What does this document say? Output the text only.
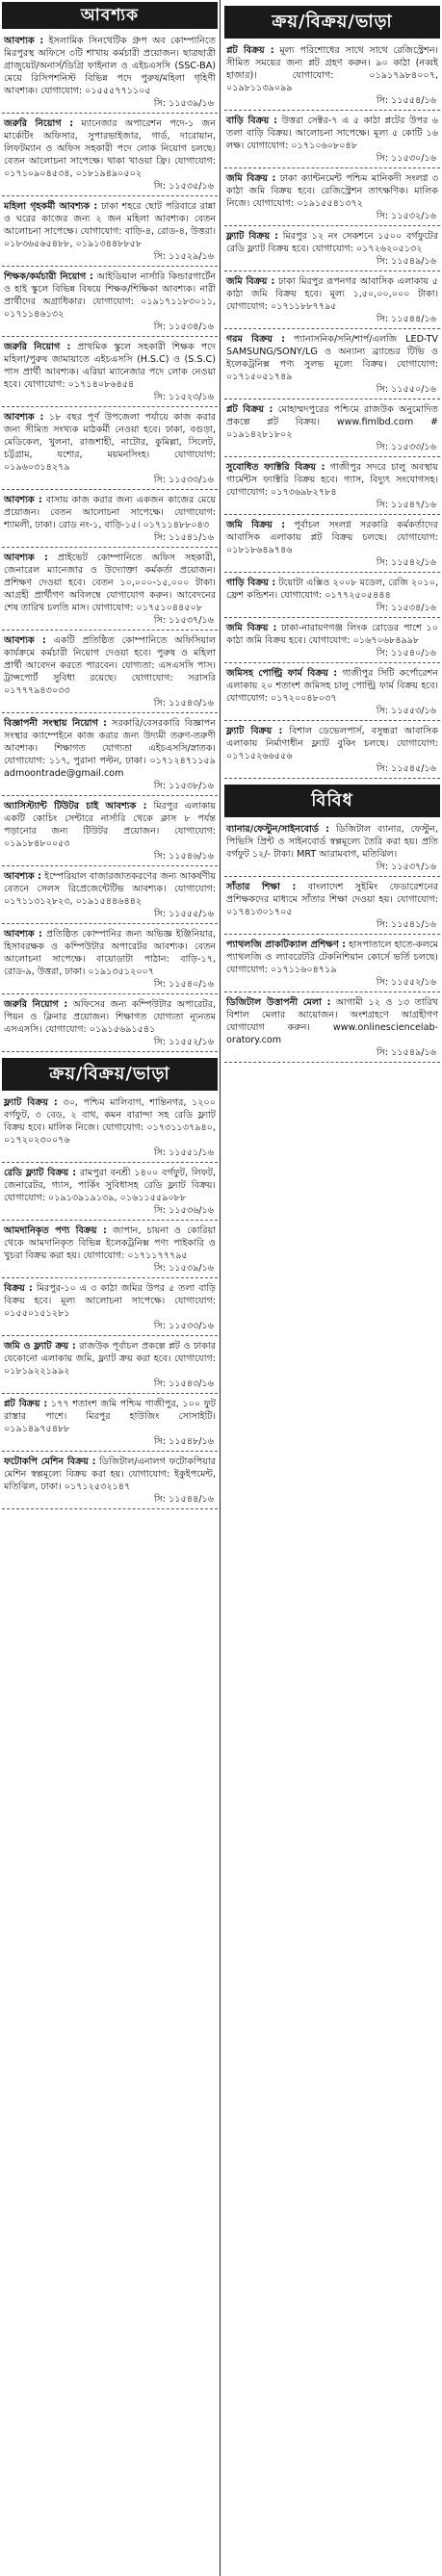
আবশ্যক
আবশ্যক : ইসলামিক সিনথেটিক গ্রুপ অব কোম্পানিতে মিরপুরস্থ অফিসে ৩টি শাখায় কর্মচারী প্রয়োজন। ছাত্রছাত্রী গ্রাজুয়েট/অনার্স/ডিগ্রি ফাইনাল ও এইচএসসি (SSC-BA) মেয়ে রিসিপশনিস্ট বিভিন্ন পদে পুরুষ/মহিলা গৃহিণী আবশ্যক। যোগাযোগ: ০১৫৫৫৭৭১১০৫
সি: ১১৫৩৯/১৬
জরুরি নিয়োগ : ম্যানেজার অপারেশন পদে-১ জন মার্কেটিং অফিসার, সুপারভাইজার, গার্ড, দারোয়ান, লিফটম্যান ও অফিস সহকারী পদে লোক নিয়োগ চলছে। বেতন আলোচনা সাপেক্ষে। থাকা খাওয়া ফ্রি। যোগাযোগ: ০১৭১০৯০৪৫৩৪, ০১৮১৯৪৯০৫০২
সি: ১১৫৩৫/১৬
মহিলা গৃহকর্মী আবশ্যক : ঢাকা শহরে ছোট পরিবারে রান্না ও ঘরের কাজের জন্য ২ জন মহিলা আবশ্যক। বেতন আলোচনা সাপেক্ষে। যোগাযোগ: বাড়ি-৪, রোড-৪, উত্তরা। ০১৮৩৬৫৬৫৪৮৮, ০১৯১৩৪৪৮৮৫৮
সি: ১১৫২৯/১৬
শিক্ষক/কর্মচারী নিয়োগ : আইডিয়াল নার্সারি কিন্ডারগার্টেন ও হাই স্কুলে বিভিন্ন বিষয়ে শিক্ষক/শিক্ষিকা আবশ্যক। নারী প্রার্থীদের অগ্রাধিকার। যোগাযোগ: ০১৯১৭১১৮৩০১১, ০১৭১১৪৬১৩২
সি: ১১৫৩৪/১৬
জরুরি নিয়োগ : প্রাথমিক স্কুলে সহকারী শিক্ষক পদে মহিলা/পুরুষ জামায়াতে এইচএসসি (H.S.C) ও (S.S.C) পাস প্রার্থী আবশ্যক। এরিয়া ম্যানেজার পদে লোক নেওয়া হবে। যোগাযোগ: ০১৭১৪০৮৬৪৫৪
সি: ১১৫২৩/১৬
আবশ্যক : ১৮ বছর পূর্ণ উপজেলা পর্যায়ে কাজ করার জন্য সীমিত সংখ্যক মাঠকর্মী নেওয়া হবে। ঢাকা, বগুড়া, মেডিকেল, খুলনা, রাজশাহী, নাটোর, কুমিল্লা, সিলেট, চট্টগ্রাম, যশোর, ময়মনসিংহ। যোগাযোগ: ০১৯৬০৩১৪২৭৯
সি: ১১৫৩৩/১৬
আবশ্যক : বাসায় কাজ করার জন্য একজন কাজের মেয়ে প্রয়োজন। বেতন আলোচনা সাপেক্ষে। যোগাযোগ: শ্যামলী, ঢাকা। রোড নং-১, বাড়ি-১৫। ০১৭১১৪৮৮০৪৩
সি: ১১৫৪১/১৬
আবশ্যক : প্রাইভেট কোম্পানিতে অফিস সহকারী, জেনারেল ম্যানেজার ও উদ্যোক্তা কর্মকর্তা প্রয়োজন। প্রশিক্ষণ দেওয়া হবে। বেতন ১০,০০০-১৫,০০০ টাকা। আগ্রহী প্রার্থীগণ অবিলম্বে যোগাযোগ করুন। আবেদনের শেষ তারিখ চলতি মাস। যোগাযোগ: ০১৭৫১০৪৪৫০৮
সি: ১১৫৩৭/১৬
আবশ্যক : একটি প্রতিষ্ঠিত কোম্পানিতে অফিসিয়াল কার্যক্রমে কর্মচারী নিয়োগ দেওয়া হবে। পুরুষ ও মহিলা প্রার্থী আবেদন করতে পারবেন। যোগ্যতা: এসএসসি পাস। ট্রান্সপোর্ট সুবিধা রয়েছে। যোগাযোগ: সরাসরি ০১৭৭৭৯৪৩০৩৩
সি: ১১৫৪৩/১৬
বিজ্ঞাপনী সংস্থায় নিয়োগ : সরকারি/বেসরকারি বিজ্ঞাপন সংস্থার ক্যাম্পেইনে কাজ করার জন্য উদ্যমী তরুণ-তরুণী আবশ্যক। শিক্ষাগত যোগ্যতা এইচএসসি/স্নাতক। যোগাযোগ: ১১৭, পুরানা পল্টন, ঢাকা। ০১৭১২৪৭১১৫৯ admoontrade@gmail.com
সি: ১১৫৩৮/১৬
অ্যাসিস্ট্যান্ট টিউটর চাই আবশ্যক : মিরপুর এলাকায় একটি কোচিং সেন্টারে নার্সারি থেকে ক্লাস ৮ পর্যন্ত পড়ানোর জন্য টিউটর প্রয়োজন। যোগাযোগ: ০১৯১৮৪৮০০৫৩
সি: ১১৫৪৬/১৬
আবশ্যক : ইম্পেরিয়াল বাজারজাতকরণের জন্য আকর্ষণীয় বেতনে সেলস রিপ্রেজেন্টেটিভ আবশ্যক। যোগাযোগ: ০১৭১১৩১২৮২৩, ০১৯১৫৪৪৬৪৪২
সি: ১১৫৫৫/১৬
আবশ্যক : প্রতিষ্ঠিত কোম্পানির জন্য অভিজ্ঞ ইঞ্জিনিয়ার, হিসাবরক্ষক ও কম্পিউটার অপারেটর আবশ্যক। বেতন আলোচনা সাপেক্ষে। বায়োডাটা পাঠান: বাড়ি-১৭, রোড-৯, উত্তরা, ঢাকা। ০১৯১৩৫১২০০৭
সি: ১১৫৪০/১৬
জরুরি নিয়োগ : অফিসের জন্য কম্পিউটার অপারেটর, পিয়ন ও ক্লিনার প্রয়োজন। শিক্ষাগত যোগ্যতা ন্যূনতম এসএসসি। যোগাযোগ: ০১৯১৫৬৯১৫৪১
সি: ১১৫৫২/১৬
ক্রয়/বিক্রয়/ভাড়া
ফ্ল্যাট বিক্রয় : ৩০, পশ্চিম মালিবাগ, শান্তিনগর, ১২০০ বর্গফুট, ৩ বেড, ২ বাথ, কমন বারান্দা সহ রেডি ফ্ল্যাট বিক্রয় হবে। মালিক নিজে। যোগাযোগ: ০১৭৩১১৩৭৯৪০, ০১৭২০২৩০০৭৬
সি: ১১৫৫১/১৬
রেডি ফ্ল্যাট বিক্রয় : রামপুরা বনশ্রী ১৪০০ বর্গফুট, লিফট, জেনারেটর, গ্যাস, পার্কিং সুবিধাসহ রেডি ফ্ল্যাট বিক্রয়। যোগাযোগ: ০১৯১৩৯১৯১৩৯, ০১৬১১৫৫৯০৮৮
সি: ১১৫৩৬/১৬
আমদানিকৃত পণ্য বিক্রয় : জাপান, চায়না ও কোরিয়া থেকে আমদানিকৃত বিভিন্ন ইলেকট্রনিক্স পণ্য পাইকারি ও খুচরা বিক্রয় করা হয়। যোগাযোগ: ০১৭১১৭৭৭৯৫
সি: ১১৫৩৯/১৬
বিক্রয় : মিরপুর-১০ এ ৩ কাঠা জমির উপর ৫ তলা বাড়ি বিক্রয় হবে। মূল্য আলোচনা সাপেক্ষে। যোগাযোগ: ০১৫৫০১৫১২৮১
সি: ১১৫৩৩/১৬
জমি ও ফ্ল্যাট ক্রয় : রাজউক পূর্বাচল প্রকল্পে প্লট ও ঢাকার যেকোনো এলাকায় জমি, ফ্ল্যাট ক্রয় করা হবে। যোগাযোগ: ০১৮১৯২২১৯৯২
সি: ১১৫৪৩/১৬
প্লট বিক্রয় : ১৭৭ শতাংশ জমি পশ্চিম গাজীপুর, ১০০ ফুট রাস্তার পাশে। মিরপুর হাউজিং সোসাইটি। ০১৯১৪৯৭৫৪৮৮
সি: ১১৫৪৮/১৬
ফটোকপি মেশিন বিক্রয় : ডিজিটাল/এনালগ ফটোকপিয়ার মেশিন স্বল্পমূল্যে বিক্রয় করা হয়। যোগাযোগ: ইকুইপমেন্ট, মতিঝিল, ঢাকা। ০১৭১২৫৩২১৪৭
সি: ১১৫৪৪/১৬
ক্রয়/বিক্রয়/ভাড়া
প্লট বিক্রয় : মূল্য পরিশোধের সাথে সাথে রেজিস্ট্রেশন। সীমিত সময়ের জন্য প্লট গ্রহণ করুন। ৯০ কাঠা (নব্বই হাজার)। যোগাযোগ: ০১৯১৭৯৮৪০০৭, ০১৯৮১১৩৯০৯৯
সি: ১১৫৫৪/১৬
বাড়ি বিক্রয় : উত্তরা সেক্টর-৭ এ ৫ কাঠা প্লটের উপর ৬ তলা বাড়ি বিক্রয়। আলোচনা সাপেক্ষে। মূল্য ৫ কোটি ১৬ লক্ষ। যোগাযোগ: ০১৭১০৬০৮০৪৮
সি: ১১৫৩০/১৬
জমি বিক্রয় : ঢাকা ক্যান্টনমেন্ট পশ্চিম মানিকদী সংলগ্ন ৩ কাঠা জমি বিক্রয় হবে। রেজিস্ট্রেশন তাৎক্ষণিক। মালিক নিজে। যোগাযোগ: ০১৯১৫৫৪১৩৭২
সি: ১১৫৩২/১৬
ফ্ল্যাট বিক্রয় : মিরপুর ১২ নং সেকশনে ১৫০০ বর্গফুটের রেডি ফ্ল্যাট বিক্রয় হবে। যোগাযোগ: ০১৭২৬২০৫১৩২
সি: ১১৫৪৯/১৬
জমি বিক্রয় : ঢাকা মিরপুর রূপনগর আবাসিক এলাকায় ৫ কাঠা জমি বিক্রয় হবে। মূল্য ১,৫০,০০,০০০ টাকা। যোগাযোগ: ০১৭১১৮৮৭৭৯৫
সি: ১১৫৪৪/১৬
গরম বিক্রয় : প্যানাসনিক/সনি/শার্প/এলজি LED-TV SAMSUNG/SONY/LG ও অন্যান্য ব্র্যান্ডের টিভি ও ইলেকট্রনিক্স পণ্য সুলভ মূল্যে বিক্রয়। যোগাযোগ: ০১৭১৫০৫১৭৪৯
সি: ১১৫৫০/১৬
প্লট বিক্রয় : মোহাম্মদপুরের পশ্চিমে রাজউক অনুমোদিত প্রকল্পে প্লট বিক্রয়। www.fimlbd.com # ০১৯১৪২৮১৮০২
সি: ১১৫৩৩/১৬
সুবোধিত ফ্যাক্টরি বিক্রয় : গাজীপুর সদরে চালু অবস্থায় গার্মেন্টস ফ্যাক্টরি বিক্রয় হবে। গ্যাস, বিদ্যুৎ সংযোগসহ। যোগাযোগ: ০১৭৩৬৯৮২৭৮৪
সি: ১১৫৪৭/১৬
জমি বিক্রয় : পূর্বাচল সংলগ্ন সরকারি কর্মকর্তাদের আবাসিক এলাকায় প্লট বিক্রয় চলছে। যোগাযোগ: ০১৮১৮৬৪৯৭৪৬
সি: ১১৫৪২/১৬
গাড়ি বিক্রয় : টয়োটা এক্সিও ২০০৮ মডেল, রেজি ২০১০, ফ্রেশ কন্ডিশন। যোগাযোগ: ০১৭৭২৫০৫৪৪৪
সি: ১১৫৩৪/১৬
জমি বিক্রয় : ঢাকা-নারায়ণগঞ্জ লিংক রোডের পাশে ১০ কাঠা জমি বিক্রয় হবে। যোগাযোগ: ০১৬৭০৬৮৪৯৯৮
সি: ১১৫৪০/১৬
জমিসহ পোল্ট্রি ফার্ম বিক্রয় : গাজীপুর সিটি কর্পোরেশন এলাকায় ২০ শতাংশ জমিসহ চালু পোল্ট্রি ফার্ম বিক্রয় হবে। যোগাযোগ: ০১৭২০০৪৮০৩৭
সি: ১১৫৫৩/১৬
ফ্ল্যাট বিক্রয় : বিশাল ডেভেলপার্স, বসুন্ধরা আবাসিক এলাকায় নির্মাণাধীন ফ্ল্যাট বুকিং চলছে। যোগাযোগ: ০১৭১৫২৬৬৫৫৬
সি: ১১৫৪৫/১৬
বিবিধ
ব্যানার/ফেস্টুন/সাইনবোর্ড : ডিজিটাল ব্যানার, ফেস্টুন, পিভিসি প্রিন্ট ও সাইনবোর্ড স্বল্পমূল্যে তৈরি করা হয়। প্রতি বর্গফুট ১২/- টাকা। MRT আরামবাগ, মতিঝিল।
সি: ১১৫৩৭/১৬
সাঁতার শিক্ষা : বাংলাদেশ সুইমিং ফেডারেশনের প্রশিক্ষকদের মাধ্যমে সাঁতার শিক্ষা দেওয়া হয়। যোগাযোগ: ০১৭৪১৩০১৭০৫
সি: ১১৫৪১/১৬
প্যাথলজি প্রাকটিক্যাল প্রশিক্ষণ : হাসপাতালে হাতে-কলমে প্যাথলজি ও ল্যাবরেটরি টেকনিশিয়ান কোর্সে ভর্তি চলছে। যোগাযোগ: ০১৭১১৬০৪৭১৯
সি: ১১৫৫২/১৬
ডিজিটাল উত্তাপনী মেলা : আগামী ১২ ও ১৩ তারিখ বিশাল মেলার আয়োজন। অংশগ্রহণে আগ্রহীগণ যোগাযোগ করুন। www.onlinesciencelab-oratory.com
সি: ১১৫৪৯/১৬
